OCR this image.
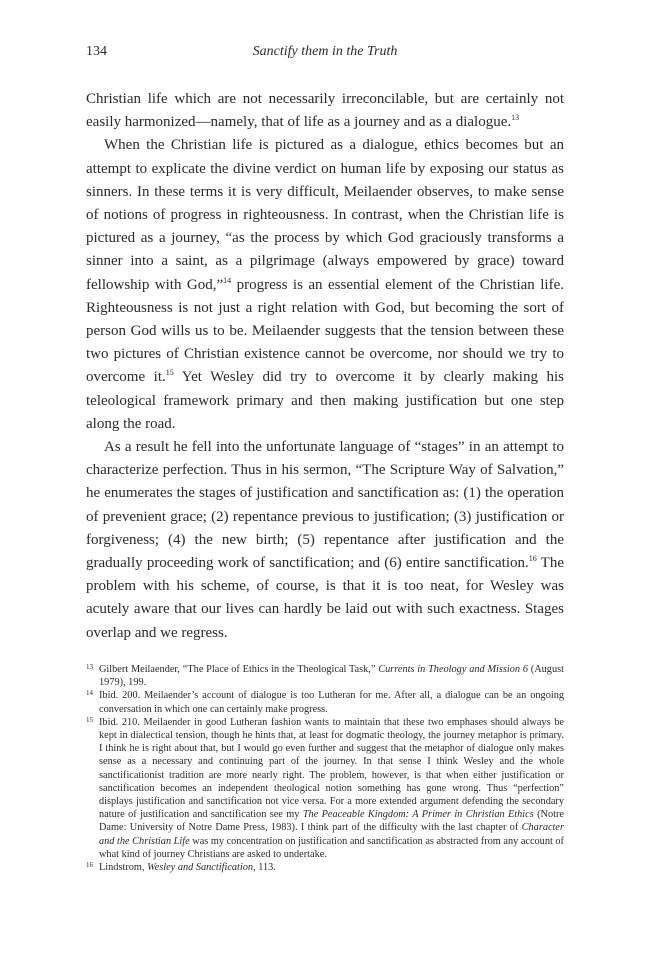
134	Sanctify them in the Truth

Christian life which are not necessarily irreconcilable, but are certainly not easily harmonized—namely, that of life as a journey and as a dialogue.$^{13}$

When the Christian life is pictured as a dialogue, ethics becomes but an attempt to explicate the divine verdict on human life by exposing our status as sinners. In these terms it is very difficult, Meilaender observes, to make sense of notions of progress in righteousness. In contrast, when the Christian life is pictured as a journey, “as the process by which God graciously transforms a sinner into a saint, as a pilgrimage (always empowered by grace) toward fellowship with God,”$^{14}$ progress is an essential element of the Christian life. Righteousness is not just a right relation with God, but becoming the sort of person God wills us to be. Meilaender suggests that the tension between these two pictures of Christian existence cannot be overcome, nor should we try to overcome it.$^{15}$ Yet Wesley did try to overcome it by clearly making his teleological framework primary and then making justification but one step along the road.

As a result he fell into the unfortunate language of “stages” in an attempt to characterize perfection. Thus in his sermon, “The Scripture Way of Salvation,” he enumerates the stages of justification and sanctification as: (1) the operation of prevenient grace; (2) repentance previous to justification; (3) justification or forgiveness; (4) the new birth; (5) repentance after justification and the gradually proceeding work of sanctification; and (6) entire sanctification.$^{16}$ The problem with his scheme, of course, is that it is too neat, for Wesley was acutely aware that our lives can hardly be laid out with such exactness. Stages overlap and we regress.

13 Gilbert Meilaender, “The Place of Ethics in the Theological Task,” Currents in Theology and Mission 6 (August 1979), 199.

14 Ibid. 200. Meilaender’s account of dialogue is too Lutheran for me. After all, a dialogue can be an ongoing conversation in which one can certainly make progress.

15 Ibid. 210. Meilaender in good Lutheran fashion wants to maintain that these two emphases should always be kept in dialectical tension, though he hints that, at least for dogmatic theology, the journey metaphor is primary. I think he is right about that, but I would go even further and suggest that the metaphor of dialogue only makes sense as a necessary and continuing part of the journey. In that sense I think Wesley and the whole sanctificationist tradition are more nearly right. The problem, however, is that when either justification or sanctification becomes an independent theological notion something has gone wrong. Thus “perfection” displays justification and sanctification not vice versa. For a more extended argument defending the secondary nature of justification and sanctification see my The Peaceable Kingdom: A Primer in Christian Ethics (Notre Dame: University of Notre Dame Press, 1983). I think part of the difficulty with the last chapter of Character and the Christian Life was my concentration on justification and sanctification as abstracted from any account of what kind of journey Christians are asked to undertake.

16 Lindstrom, Wesley and Sanctification, 113.
